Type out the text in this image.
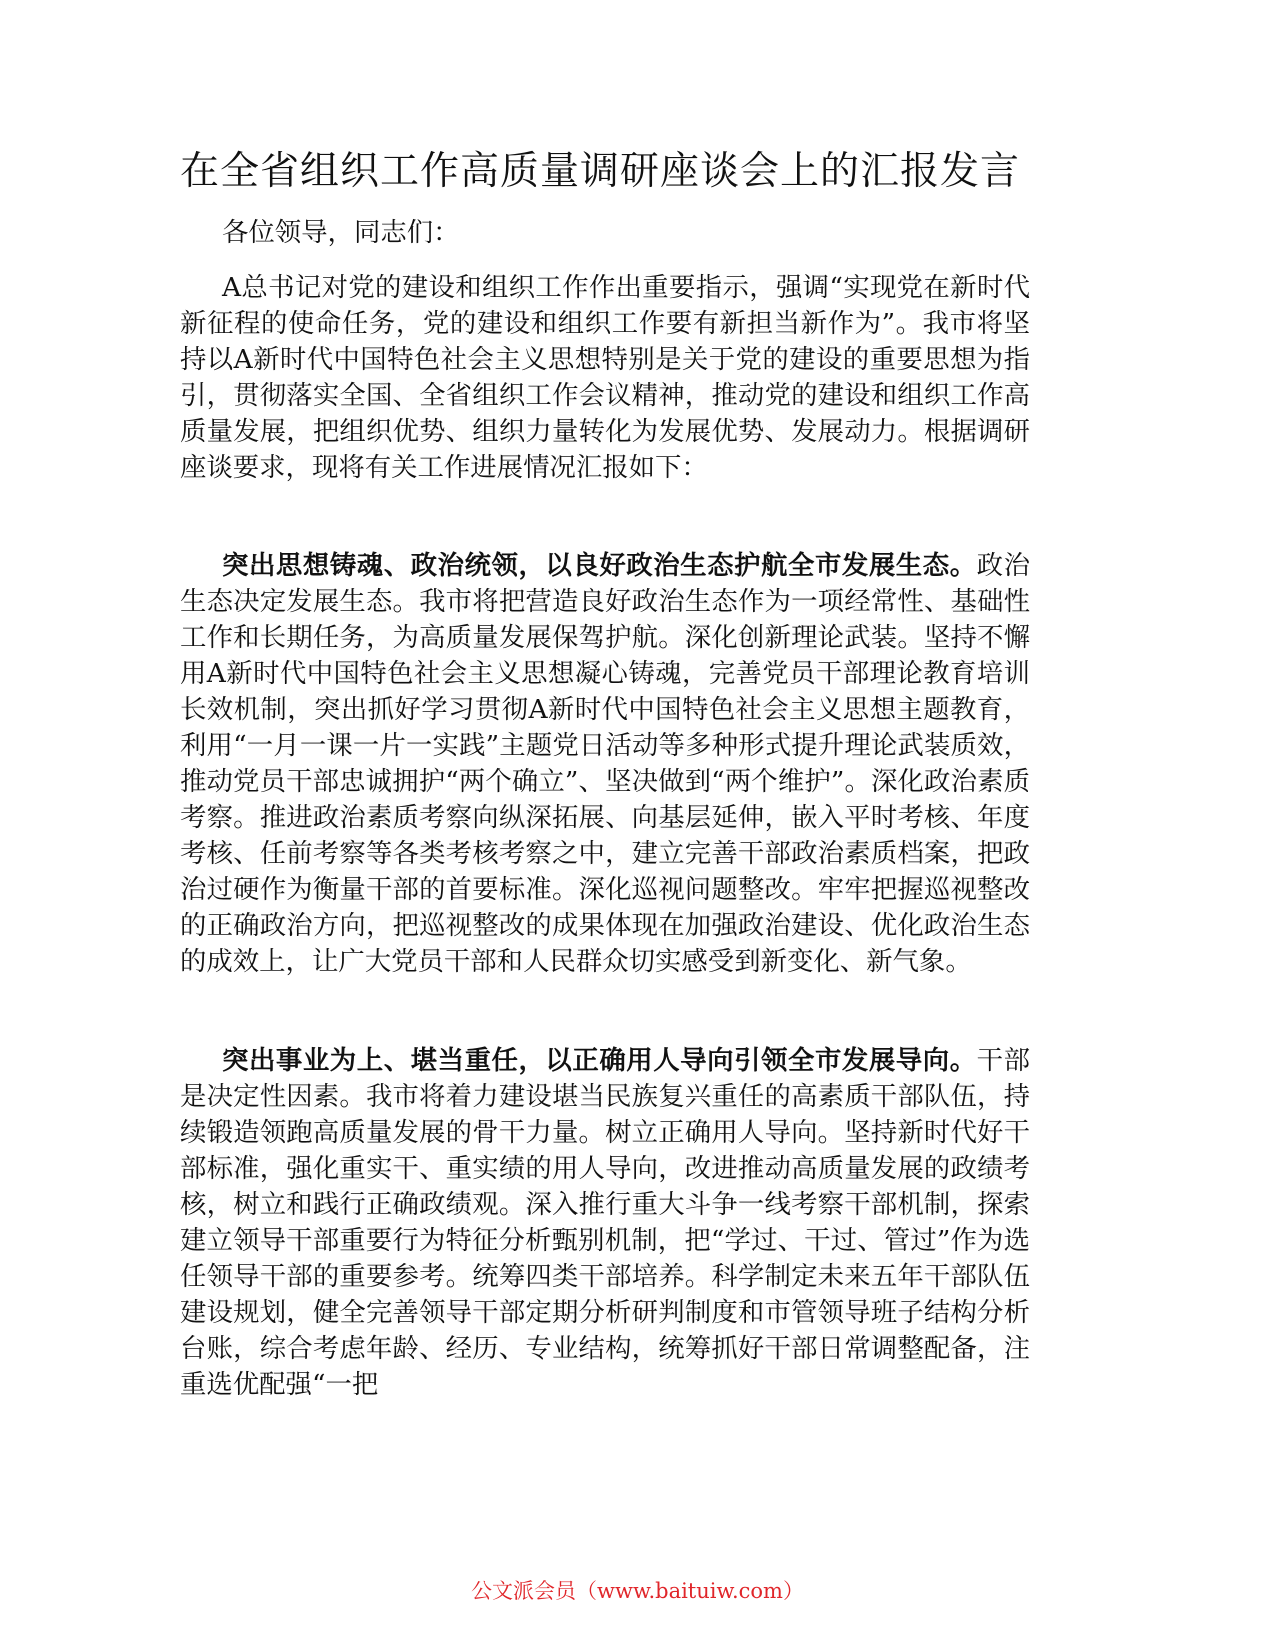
在全省组织工作高质量调研座谈会上的汇报发言

各位领导，同志们：

A总书记对党的建设和组织工作作出重要指示，强调“实现党在新时代新征程的使命任务，党的建设和组织工作要有新担当新作为”。我市将坚持以A新时代中国特色社会主义思想特别是关于党的建设的重要思想为指引，贯彻落实全国、全省组织工作会议精神，推动党的建设和组织工作高质量发展，把组织优势、组织力量转化为发展优势、发展动力。根据调研座谈要求，现将有关工作进展情况汇报如下：

突出思想铸魂、政治统领，以良好政治生态护航全市发展生态。政治生态决定发展生态。我市将把营造良好政治生态作为一项经常性、基础性工作和长期任务，为高质量发展保驾护航。深化创新理论武装。坚持不懈用A新时代中国特色社会主义思想凝心铸魂，完善党员干部理论教育培训长效机制，突出抓好学习贯彻A新时代中国特色社会主义思想主题教育，利用“一月一课一片一实践”主题党日活动等多种形式提升理论武装质效，推动党员干部忠诚拥护“两个确立”、坚决做到“两个维护”。深化政治素质考察。推进政治素质考察向纵深拓展、向基层延伸，嵌入平时考核、年度考核、任前考察等各类考核考察之中，建立完善干部政治素质档案，把政治过硬作为衡量干部的首要标准。深化巡视问题整改。牢牢把握巡视整改的正确政治方向，把巡视整改的成果体现在加强政治建设、优化政治生态的成效上，让广大党员干部和人民群众切实感受到新变化、新气象。

突出事业为上、堪当重任，以正确用人导向引领全市发展导向。干部是决定性因素。我市将着力建设堪当民族复兴重任的高素质干部队伍，持续锻造领跑高质量发展的骨干力量。树立正确用人导向。坚持新时代好干部标准，强化重实干、重实绩的用人导向，改进推动高质量发展的政绩考核，树立和践行正确政绩观。深入推行重大斗争一线考察干部机制，探索建立领导干部重要行为特征分析甄别机制，把“学过、干过、管过”作为选任领导干部的重要参考。统筹四类干部培养。科学制定未来五年干部队伍建设规划，健全完善领导干部定期分析研判制度和市管领导班子结构分析台账，综合考虑年龄、经历、专业结构，统筹抓好干部日常调整配备，注重选优配强“一把

公文派会员（www.baituiw.com）
